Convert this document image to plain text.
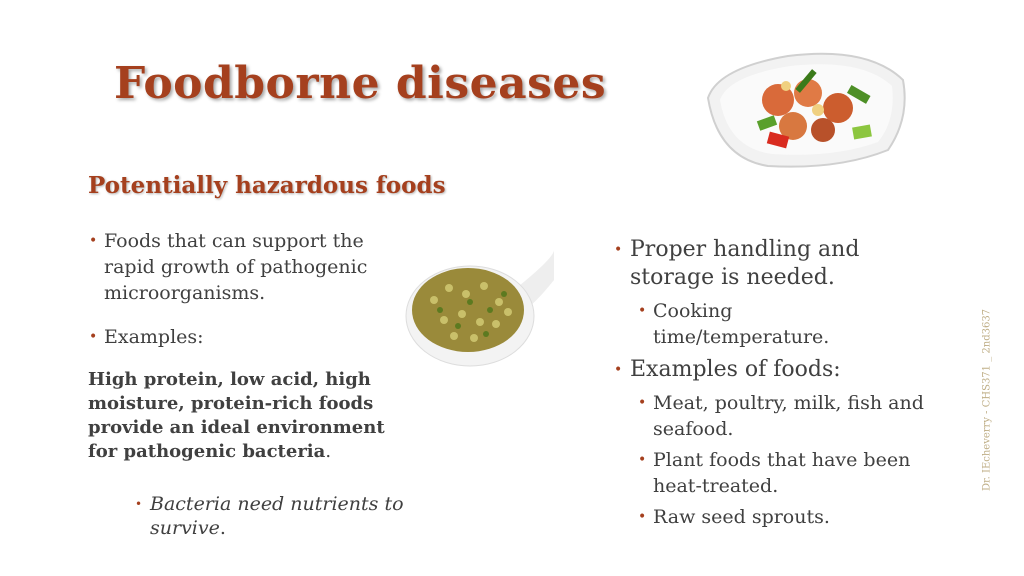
Foodborne diseases
Potentially hazardous foods
• Foods that can support the rapid growth of pathogenic microorganisms.
• Examples:
High protein, low acid, high moisture, protein-rich foods provide an ideal environment for pathogenic bacteria.
• Bacteria need nutrients to survive.
• Proper handling and storage is needed.
• Cooking time/temperature.
• Examples of foods:
• Meat, poultry, milk, fish and seafood.
• Plant foods that have been heat-treated.
• Raw seed sprouts.
Dr. IEcheverry - CHS371 _ 2nd3637
